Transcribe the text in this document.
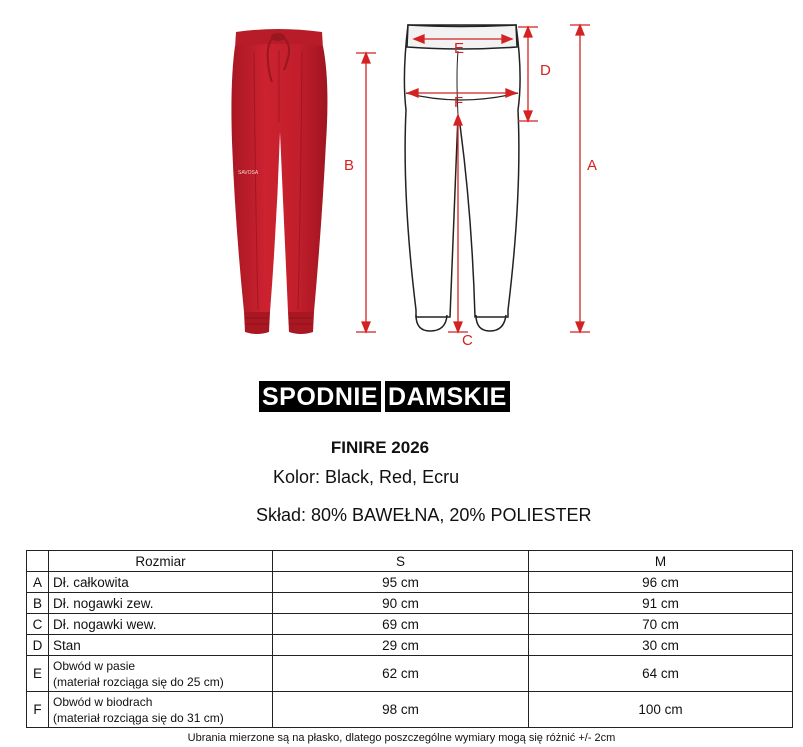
SAVOSA	A
B
C
D
E
F
SPODNIE DAMSKIE
FINIRE 2026
Kolor: Black, Red, Ecru
Skład: 80% BAWEŁNA, 20% POLIESTER
	Rozmiar	S	M
A	Dł. całkowita	95 cm	96 cm
B	Dł. nogawki zew.	90 cm	91 cm
C	Dł. nogawki wew.	69 cm	70 cm
D	Stan	29 cm	30 cm
E	Obwód w pasie
(materiał rozciąga się do 25 cm)	62 cm	64 cm
F	Obwód w biodrach
(materiał rozciąga się do 31 cm)	98 cm	100 cm
Ubrania mierzone są na płasko, dlatego poszczególne wymiary mogą się różnić +/- 2cm
